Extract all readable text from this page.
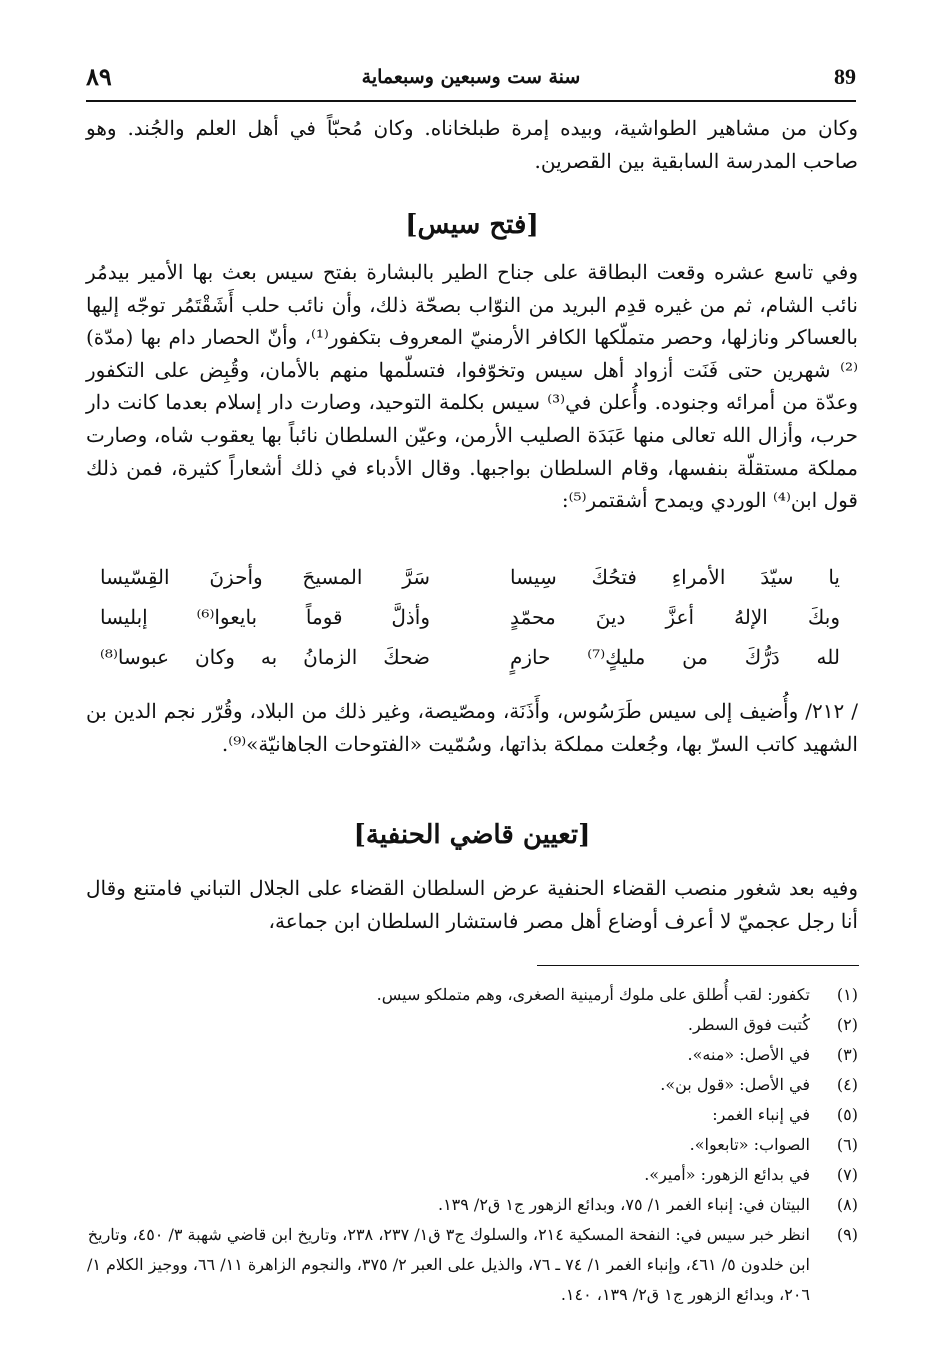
89
سنة ست وسبعين وسبعماية
٨٩
وكان من مشاهير الطواشية، وبيده إمرة طبلخاناه. وكان مُحبّاً في أهل العلم والجُند. وهو صاحب المدرسة السابقية بين القصرين.
[فتح سيس]
وفي تاسع عشره وقعت البطاقة على جناح الطير بالبشارة بفتح سيس بعث بها الأمير بيدمُر نائب الشام، ثم من غيره قدِم البريد من النوّاب بصحّة ذلك، وأن نائب حلب أَشَقْتَمُر توجّه إليها بالعساكر ونازلها، وحصر متملّكها الكافر الأرمنيّ المعروف بتكفور⁽¹⁾، وأنّ الحصار دام بها (مدّة)⁽²⁾ شهرين حتى فَنَت أزواد أهل سيس وتخوّفوا، فتسلّمها منهم بالأمان، وقُبِض على التكفور وعدّة من أمرائه وجنوده. وأُعلن في⁽³⁾ سيس بكلمة التوحيد، وصارت دار إسلام بعدما كانت دار حرب، وأزال الله تعالى منها عَبَدَة الصليب الأرمن، وعيّن السلطان نائباً بها يعقوب شاه، وصارت مملكة مستقلّة بنفسها، وقام السلطان بواجبها. وقال الأدباء في ذلك أشعاراً كثيرة، فمن ذلك قول ابن⁽⁴⁾ الوردي ويمدح أشقتمر⁽⁵⁾:
يا سيّدَ الأمراءِ فتحُكَ سِيسا
سَرَّ المسيحَ وأحزنَ القِسّيسا
وبكَ الإلهُ أعزَّ دينَ محمّدٍ
وأذلَّ قوماً بايعوا⁽⁶⁾ إبليسا
لله دَرُّكَ من مليكٍ⁽⁷⁾ حازمٍ
ضحكَ الزمانُ به وكان عبوسا⁽⁸⁾
/ ٢١٢/ وأُضيف إلى سيس طَرَسُوس، وأَذَنَة، ومصّيصة، وغير ذلك من البلاد، وقُرّر نجم الدين بن الشهيد كاتب السرّ بها، وجُعلت مملكة بذاتها، وسُمّيت «الفتوحات الجاهانيّة»⁽⁹⁾.
[تعيين قاضي الحنفية]
وفيه بعد شغور منصب القضاء الحنفية عرض السلطان القضاء على الجلال التباني فامتنع وقال أنا رجل عجميّ لا أعرف أوضاع أهل مصر فاستشار السلطان ابن جماعة،
(١)
تكفور: لقب أُطلق على ملوك أرمينية الصغرى، وهم متملكو سيس.
(٢)
كُتبت فوق السطر.
(٣)
في الأصل: «منه».
(٤)
في الأصل: «قول بن».
(٥)
في إنباء الغمر:
(٦)
الصواب: «تابعوا».
(٧)
في بدائع الزهور: «أمير».
(٨)
البيتان في: إنباء الغمر ١/ ٧٥، وبدائع الزهور ج١ ق٢/ ١٣٩.
(٩)
انظر خبر سيس في: النفحة المسكية ٢١٤، والسلوك ج٣ ق١/ ٢٣٧، ٢٣٨، وتاريخ ابن قاضي شهبة ٣/ ٤٥٠، وتاريخ ابن خلدون ٥/ ٤٦١، وإنباء الغمر ١/ ٧٤ ـ ٧٦، والذيل على العبر ٢/ ٣٧٥، والنجوم الزاهرة ١١/ ٦٦، ووجيز الكلام ١/ ٢٠٦، وبدائع الزهور ج١ ق٢/ ١٣٩، ١٤٠.
